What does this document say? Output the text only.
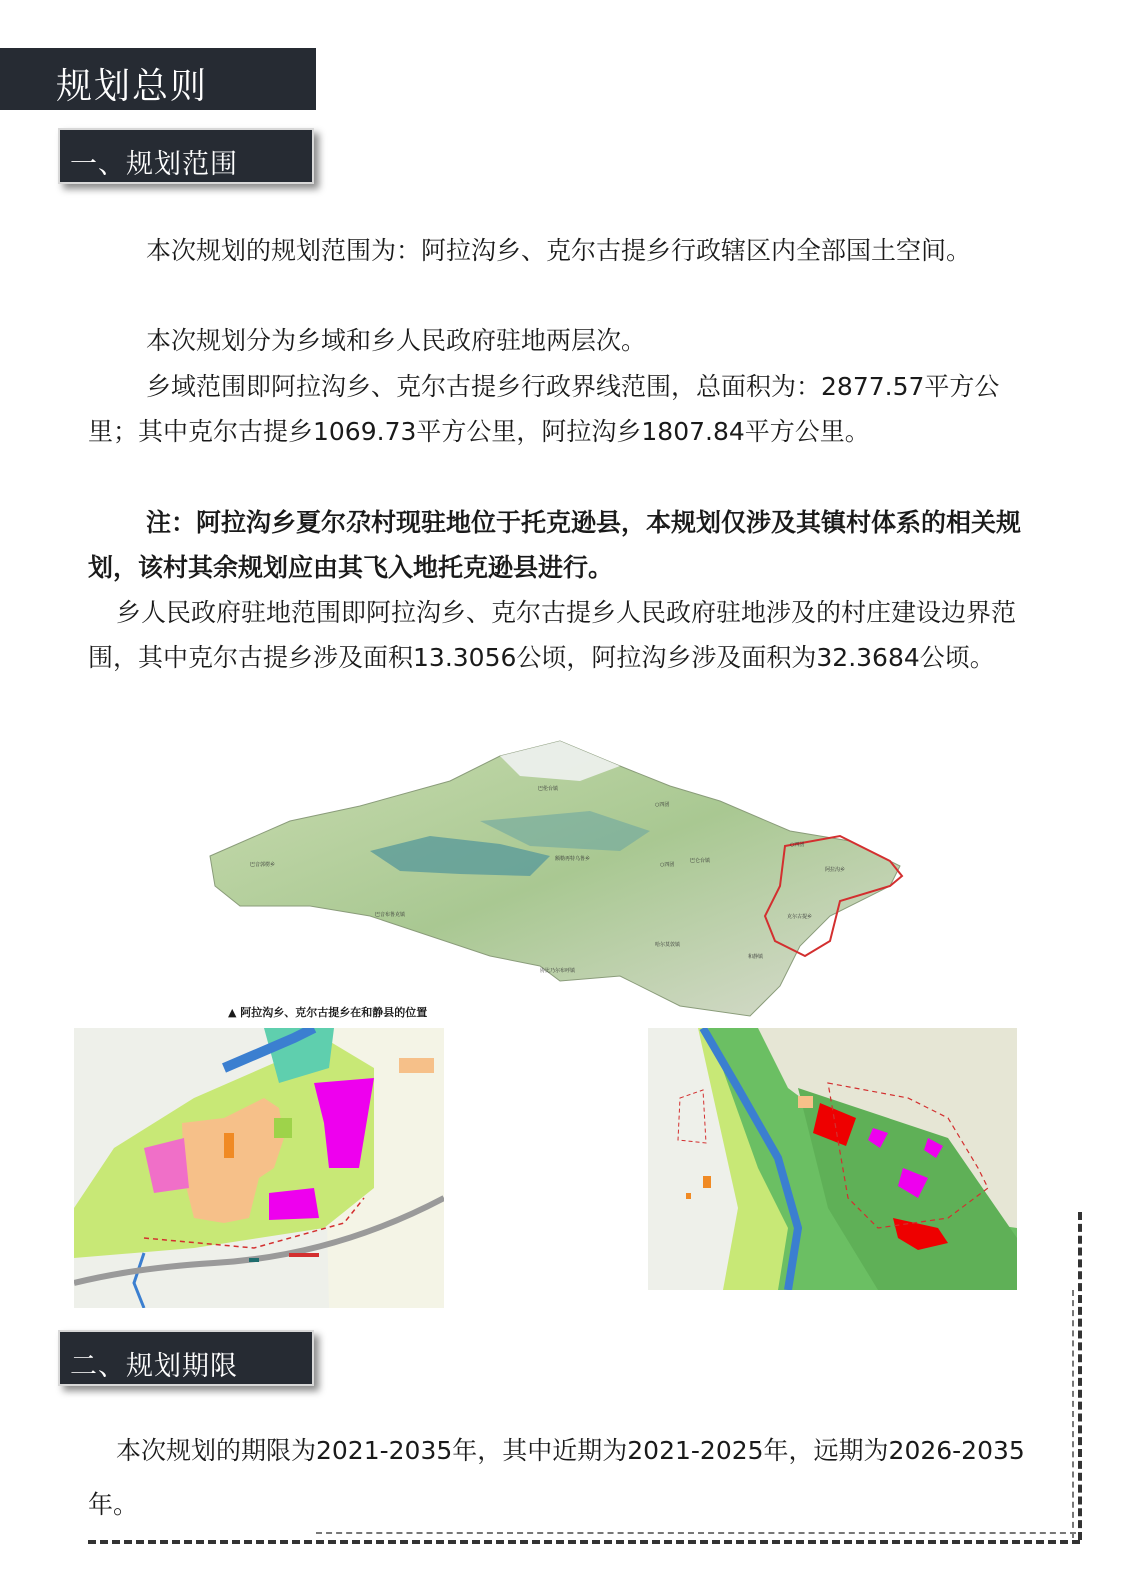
规划总则
一、规划范围

本次规划的规划范围为：阿拉沟乡、克尔古提乡行政辖区内全部国土空间。

本次规划分为乡域和乡人民政府驻地两层次。

乡域范围即阿拉沟乡、克尔古提乡行政界线范围，总面积为：2877.57平方公里；其中克尔古提乡1069.73平方公里，阿拉沟乡1807.84平方公里。

注：阿拉沟乡夏尔尕村现驻地位于托克逊县，本规划仅涉及其镇村体系的相关规划，该村其余规划应由其飞入地托克逊县进行。

乡人民政府驻地范围即阿拉沟乡、克尔古提乡人民政府驻地涉及的村庄建设边界范围，其中克尔古提乡涉及面积13.3056公顷，阿拉沟乡涉及面积为32.3684公顷。

巴伦台镇
巴音郭楞乡
巴仑台镇
阿拉沟乡
克尔古提乡
和静镇
额勒再特乌鲁乡
巴音布鲁克镇
哈尔莫敦镇
协比乃尔布呼镇
○四团
○四团
○四团
▲ 阿拉沟乡、克尔古提乡在和静县的位置
二、规划期限

本次规划的期限为2021-2035年，其中近期为2021-2025年，远期为2026-2035年。
